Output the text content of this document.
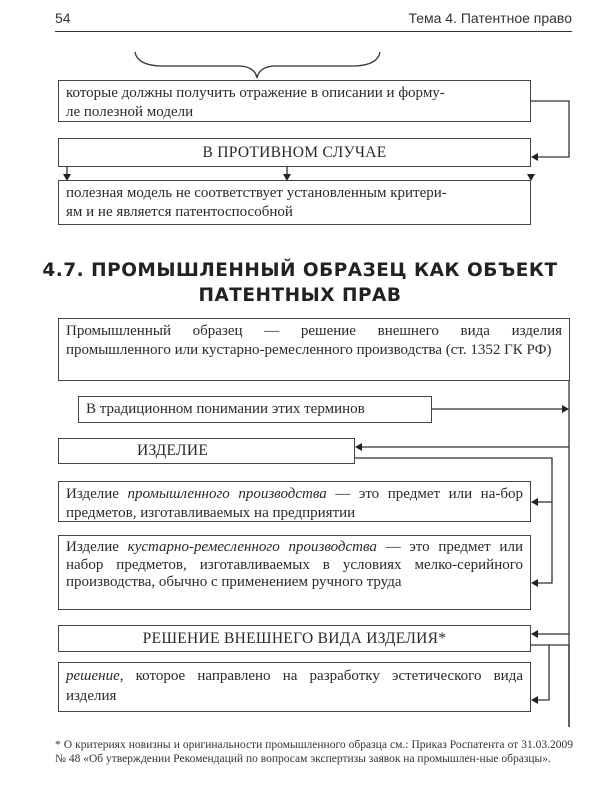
54	Тема 4. Патентное право
которые должны получить отражение в описании и форму-
ле полезной модели
В ПРОТИВНОМ СЛУЧАЕ
полезная модель не соответствует установленным критери-
ям и не является патентоспособной
4.7. ПРОМЫШЛЕННЫЙ ОБРАЗЕЦ КАК ОБЪЕКТ
ПАТЕНТНЫХ ПРАВ
Промышленный образец — решение внешнего вида изделия промышленного или кустарно-ремесленного производства (ст. 1352 ГК РФ)
В традиционном понимании этих терминов
ИЗДЕЛИЕ
Изделие промышленного производства — это предмет или на-бор предметов, изготавливаемых на предприятии
Изделие кустарно-ремесленного производства — это предмет или набор предметов, изготавливаемых в условиях мелко-серийного производства, обычно с применением ручного труда
РЕШЕНИЕ ВНЕШНЕГО ВИДА ИЗДЕЛИЯ*
решение, которое направлено на разработку эстетического вида изделия
* О критериях новизны и оригинальности промышленного образца см.: Приказ Роспатента от 31.03.2009 № 48 «Об утверждении Рекомендаций по вопросам экспертизы заявок на промышлен-ные образцы».
